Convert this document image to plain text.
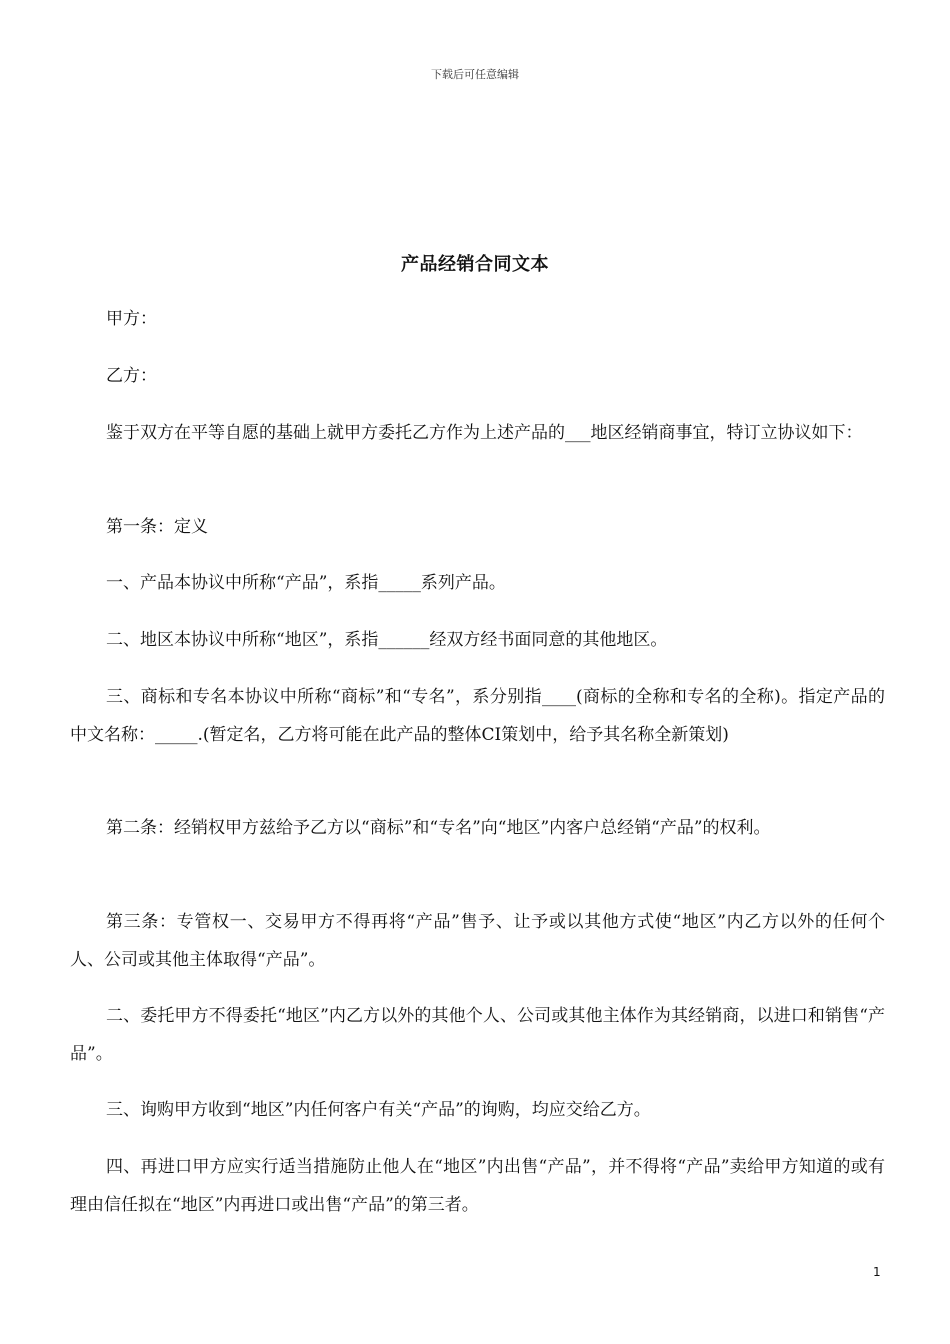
下载后可任意编辑
产品经销合同文本

甲方：

乙方：

鉴于双方在平等自愿的基础上就甲方委托乙方作为上述产品的___地区经销商事宜，特订立协议如下：

第一条：定义

一、产品本协议中所称“产品”，系指_____系列产品。

二、地区本协议中所称“地区”，系指______经双方经书面同意的其他地区。

三、商标和专名本协议中所称“商标”和“专名”，系分别指____(商标的全称和专名的全称)。指定产品的中文名称：_____.(暂定名，乙方将可能在此产品的整体CI策划中，给予其名称全新策划)

第二条：经销权甲方兹给予乙方以“商标”和“专名”向“地区”内客户总经销“产品”的权利。

第三条：专管权一、交易甲方不得再将“产品”售予、让予或以其他方式使“地区”内乙方以外的任何个人、公司或其他主体取得“产品”。

二、委托甲方不得委托“地区”内乙方以外的其他个人、公司或其他主体作为其经销商，以进口和销售“产品”。

三、询购甲方收到“地区”内任何客户有关“产品”的询购，均应交给乙方。

四、再进口甲方应实行适当措施防止他人在“地区”内出售“产品”，并不得将“产品”卖给甲方知道的或有理由信任拟在“地区”内再进口或出售“产品”的第三者。

1
